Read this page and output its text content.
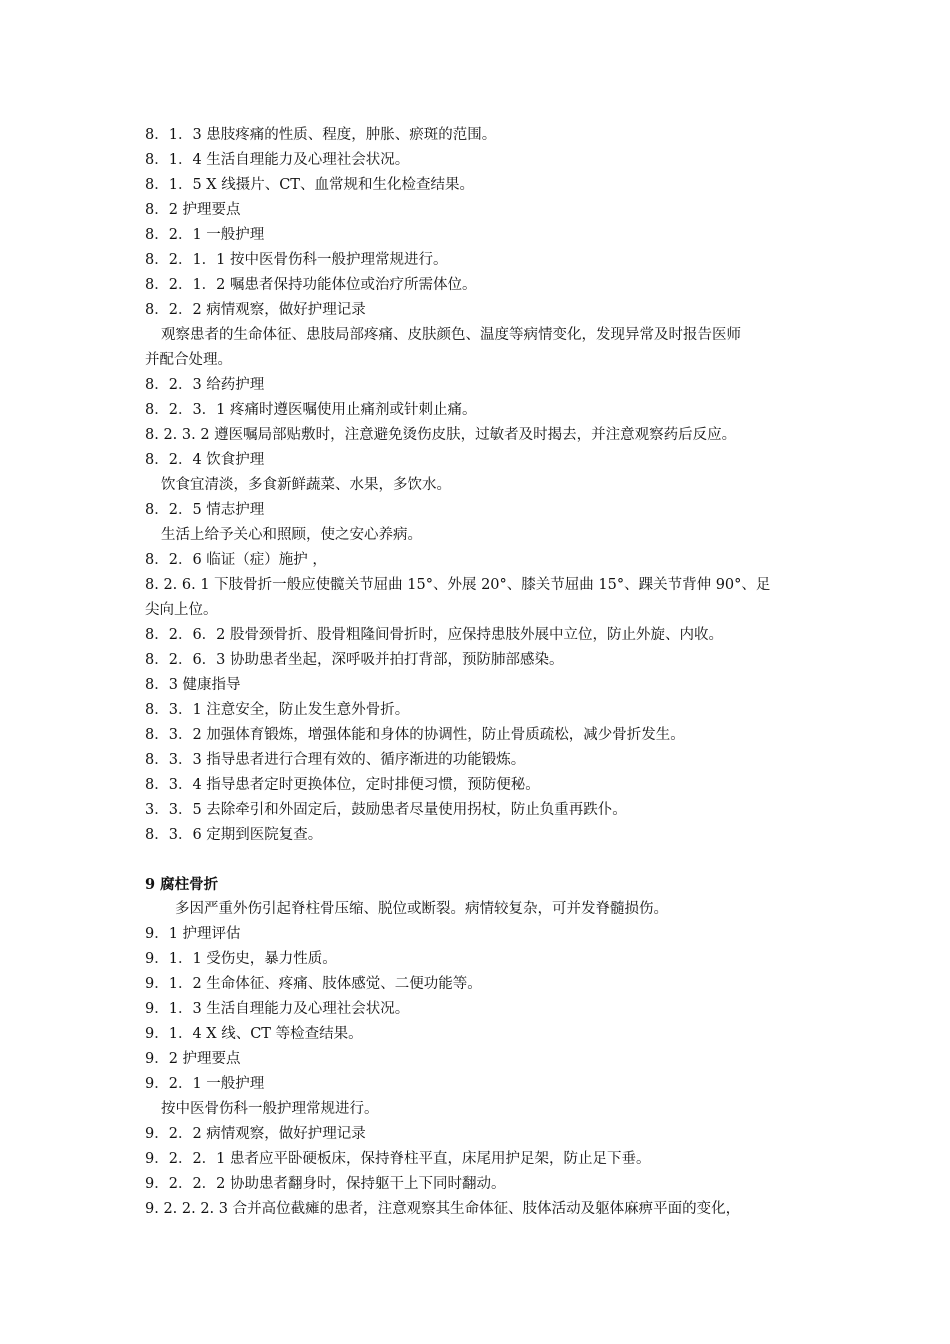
8．1．3 患肢疼痛的性质、程度，肿胀、瘀斑的范围。
8．1．4 生活自理能力及心理社会状况。
8．1．5 X 线摄片、CT、血常规和生化检查结果。
8．2 护理要点
8．2．1 一般护理
8．2．1．1 按中医骨伤科一般护理常规进行。
8．2．1．2 嘱患者保持功能体位或治疗所需体位。
8．2．2 病情观察，做好护理记录
观察患者的生命体征、患肢局部疼痛、皮肤颜色、温度等病情变化，发现异常及时报告医师
并配合处理。
8．2．3 给药护理
8．2．3．1 疼痛时遵医嘱使用止痛剂或针刺止痛。
8. 2. 3. 2 遵医嘱局部贴敷时，注意避免烫伤皮肤，过敏者及时揭去，并注意观察药后反应。
8．2．4 饮食护理
饮食宜清淡，多食新鲜蔬菜、水果，多饮水。
8．2．5 情志护理
生活上给予关心和照顾，使之安心养病。
8．2．6 临证（症）施护 ，
8. 2. 6. 1 下肢骨折一般应使髋关节屈曲 15°、外展 20°、膝关节屈曲 15°、踝关节背伸 90°、足
尖向上位。
8．2．6．2 股骨颈骨折、股骨粗隆间骨折时，应保持患肢外展中立位，防止外旋、内收。
8．2．6．3 协助患者坐起，深呼吸并拍打背部，预防肺部感染。
8．3 健康指导
8．3．1 注意安全，防止发生意外骨折。
8．3．2 加强体育锻炼，增强体能和身体的协调性，防止骨质疏松，减少骨折发生。
8．3．3 指导患者进行合理有效的、循序渐进的功能锻炼。
8．3．4 指导患者定时更换体位，定时排便习惯，预防便秘。
3．3．5 去除牵引和外固定后，鼓励患者尽量使用拐杖，防止负重再跌仆。
8．3．6 定期到医院复查。
9 腐柱骨折
多因严重外伤引起脊柱骨压缩、脱位或断裂。病情较复杂，可并发脊髓损伤。
9．1 护理评估
9．1．1 受伤史，暴力性质。
9．1．2 生命体征、疼痛、肢体感觉、二便功能等。
9．1．3 生活自理能力及心理社会状况。
9．1．4 X 线、CT 等检查结果。
9．2 护理要点
9．2．1 一般护理
按中医骨伤科一般护理常规进行。
9．2．2 病情观察，做好护理记录
9．2．2．1 患者应平卧硬板床，保持脊柱平直，床尾用护足架，防止足下垂。
9．2．2．2 协助患者翻身时，保持躯干上下同时翻动。
9. 2. 2. 2. 3 合并高位截瘫的患者，注意观察其生命体征、肢体活动及躯体麻痹平面的变化，
